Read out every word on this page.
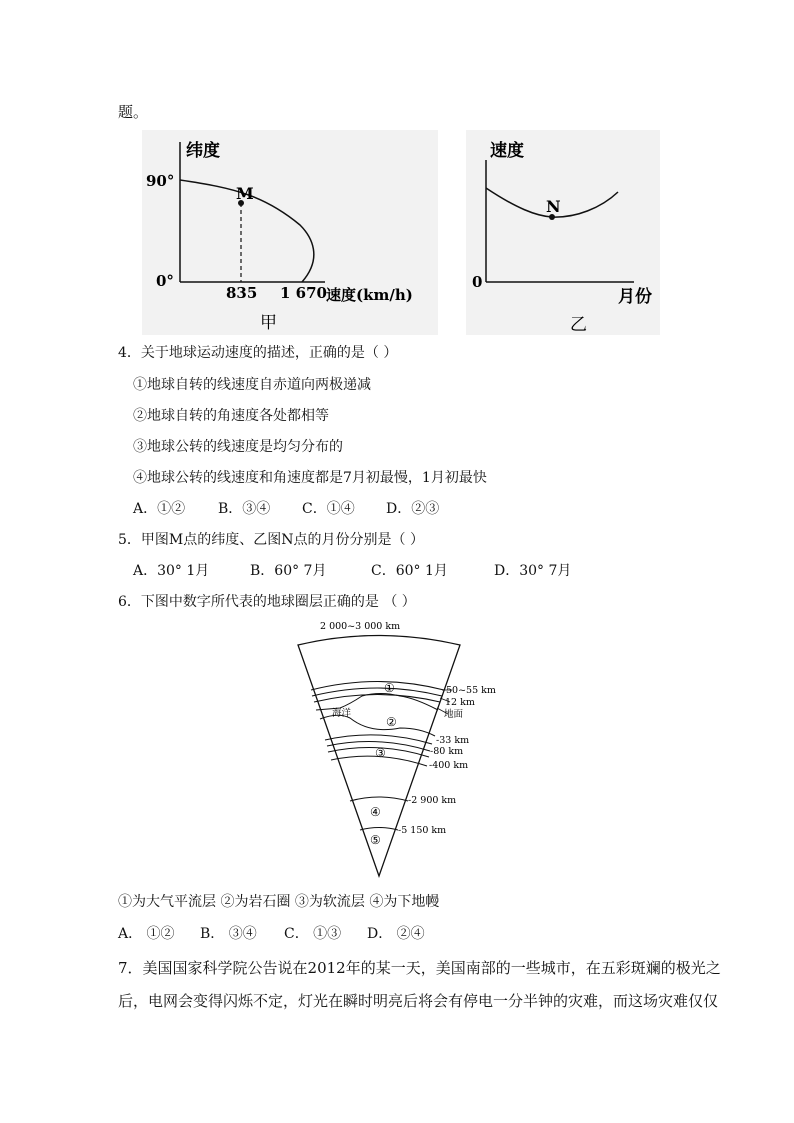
题。
纬度
90°
0°
M
835 1 670 速度(km/h)
甲
速度
N
0
月份
乙
4．关于地球运动速度的描述，正确的是（ ）
①地球自转的线速度自赤道向两极递减
②地球自转的角速度各处都相等
③地球公转的线速度是均匀分布的
④地球公转的线速度和角速度都是7月初最慢，1月初最快
A．①② B．③④ C．①④ D．②③
5．甲图M点的纬度、乙图N点的月份分别是（ ）
A．30° 1月	B．60° 7月	C．60° 1月	D．30° 7月
6．下图中数字所代表的地球圈层正确的是 （ ）
2 000~3 000 km
50~55 km
12 km
地面
海洋
-33 km
-80 km
-400 km
-2 900 km
-5 150 km
①
②
③
④
⑤
①为大气平流层 ②为岩石圈 ③为软流层 ④为下地幔
A． ①② B． ③④ C． ①③ D． ②④
7．美国国家科学院公告说在2012年的某一天，美国南部的一些城市，在五彩斑斓的极光之
后，电网会变得闪烁不定，灯光在瞬时明亮后将会有停电一分半钟的灾难，而这场灾难仅仅
